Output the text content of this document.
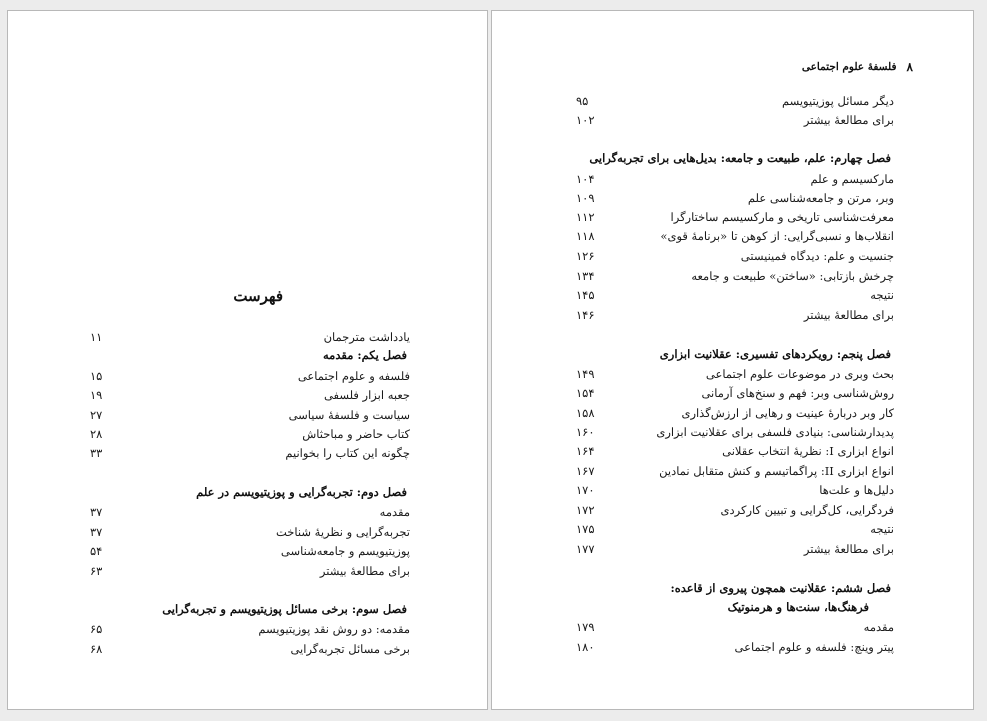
فهرست
يادداشت مترجمان
۱۱
فصل يكم: مقدمه
فلسفه و علوم اجتماعی
۱۵
جعبه ابزار فلسفی
۱۹
سياست و فلسفهٔ سياسی
۲۷
كتاب حاضر و مباحثاش
۲۸
چگونه اين كتاب را بخوانيم
۳۳
فصل دوم: تجربه‌گرايی و پوزيتيويسم در علم
مقدمه
۳۷
تجربه‌گرايی و نظريهٔ شناخت
۳۷
پوزيتيويسم و جامعه‌شناسی
۵۴
برای مطالعهٔ بيشتر
۶۳
فصل سوم: برخی مسائل پوزيتيويسم و تجربه‌گرايی
مقدمه: دو روش نقد پوزيتيويسم
۶۵
برخی مسائل تجربه‌گرايی
۶۸
۸
فلسفهٔ علوم اجتماعی
ديگر مسائل پوزيتيويسم
۹۵
برای مطالعهٔ بيشتر
۱۰۲
فصل چهارم: علم، طبيعت و جامعه: بديل‌هايی برای تجربه‌گرايی
ماركسيسم و علم
۱۰۴
وبر، مرتن و جامعه‌شناسی علم
۱۰۹
معرفت‌شناسی تاريخی و ماركسيسم ساختارگرا
۱۱۲
انقلاب‌ها و نسبی‌گرايی: از كوهن تا «برنامهٔ قوی»
۱۱۸
جنسيت و علم: ديدگاه فمينيستی
۱۲۶
چرخش بازتابی: «ساختن» طبيعت و جامعه
۱۳۴
نتيجه
۱۴۵
برای مطالعهٔ بيشتر
۱۴۶
فصل پنجم: رويكردهای تفسيری: عقلانيت ابزاری
بحث وبری در موضوعات علوم اجتماعی
۱۴۹
روش‌شناسی وبر: فهم و سنخ‌های آرمانی
۱۵۴
كار وبر دربارهٔ عينيت و رهايی از ارزش‌گذاری
۱۵۸
پديدارشناسی: بنيادی فلسفی برای عقلانيت ابزاری
۱۶۰
انواع ابزاری I: نظريهٔ انتخاب عقلانی
۱۶۴
انواع ابزاری II: پراگماتيسم و كنش متقابل نمادين
۱۶۷
دليل‌ها و علت‌ها
۱۷۰
فردگرايی، كل‌گرايی و تبيين كاركردی
۱۷۲
نتيجه
۱۷۵
برای مطالعهٔ بيشتر
۱۷۷
فصل ششم: عقلانيت همچون پيروی از قاعده:
فرهنگ‌ها، سنت‌ها و هرمنوتيک
مقدمه
۱۷۹
پيتر وينچ: فلسفه و علوم اجتماعی
۱۸۰
